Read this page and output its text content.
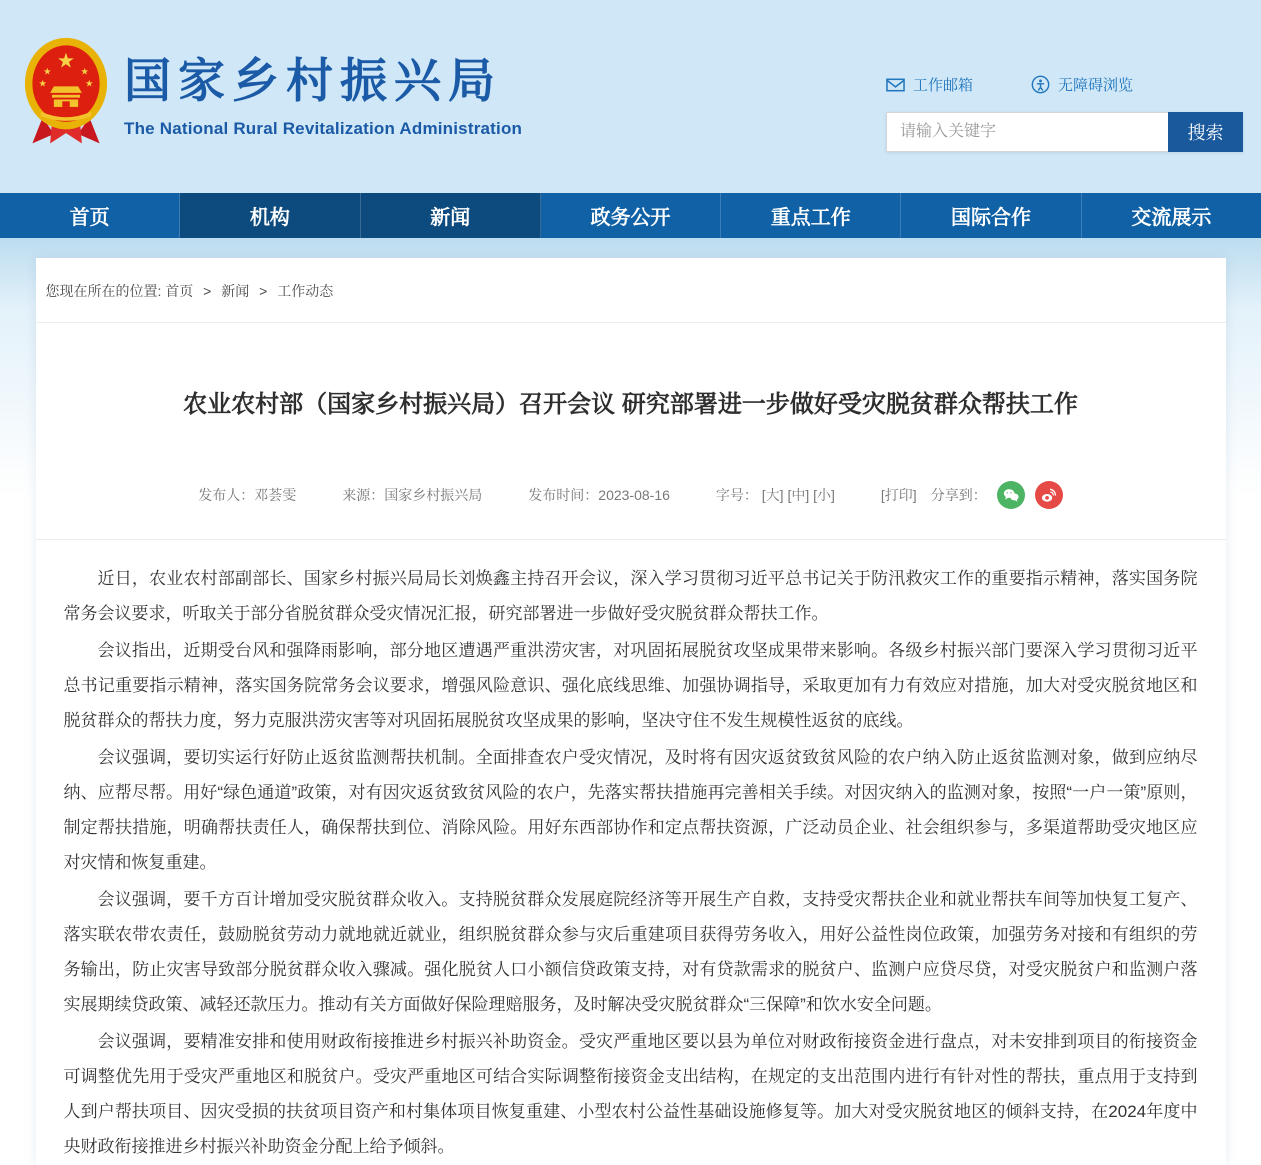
★
★	★
★	★ 国家乡村振兴局
The National Rural Revitalization Administration
工作邮箱	无障碍浏览
请输入关键字
搜索
首页	机构	新闻	政务公开	重点工作	国际合作	交流展示
您现在所在的位置: 首页 > 新闻 > 工作动态
农业农村部（国家乡村振兴局）召开会议 研究部署进一步做好受灾脱贫群众帮扶工作
发布人：邓荟雯	来源：国家乡村振兴局	发布时间：2023-08-16	字号： [大] [中] [小]	[打印] 分享到：

近日，农业农村部副部长、国家乡村振兴局局长刘焕鑫主持召开会议，深入学习贯彻习近平总书记关于防汛救灾工作的重要指示精神，落实国务院常务会议要求，听取关于部分省脱贫群众受灾情况汇报，研究部署进一步做好受灾脱贫群众帮扶工作。

会议指出，近期受台风和强降雨影响，部分地区遭遇严重洪涝灾害，对巩固拓展脱贫攻坚成果带来影响。各级乡村振兴部门要深入学习贯彻习近平总书记重要指示精神，落实国务院常务会议要求，增强风险意识、强化底线思维、加强协调指导，采取更加有力有效应对措施，加大对受灾脱贫地区和脱贫群众的帮扶力度，努力克服洪涝灾害等对巩固拓展脱贫攻坚成果的影响，坚决守住不发生规模性返贫的底线。

会议强调，要切实运行好防止返贫监测帮扶机制。全面排查农户受灾情况，及时将有因灾返贫致贫风险的农户纳入防止返贫监测对象，做到应纳尽纳、应帮尽帮。用好“绿色通道”政策，对有因灾返贫致贫风险的农户，先落实帮扶措施再完善相关手续。对因灾纳入的监测对象，按照“一户一策”原则，制定帮扶措施，明确帮扶责任人，确保帮扶到位、消除风险。用好东西部协作和定点帮扶资源，广泛动员企业、社会组织参与，多渠道帮助受灾地区应对灾情和恢复重建。

会议强调，要千方百计增加受灾脱贫群众收入。支持脱贫群众发展庭院经济等开展生产自救，支持受灾帮扶企业和就业帮扶车间等加快复工复产、落实联农带农责任，鼓励脱贫劳动力就地就近就业，组织脱贫群众参与灾后重建项目获得劳务收入，用好公益性岗位政策，加强劳务对接和有组织的劳务输出，防止灾害导致部分脱贫群众收入骤减。强化脱贫人口小额信贷政策支持，对有贷款需求的脱贫户、监测户应贷尽贷，对受灾脱贫户和监测户落实展期续贷政策、减轻还款压力。推动有关方面做好保险理赔服务，及时解决受灾脱贫群众“三保障”和饮水安全问题。

会议强调，要精准安排和使用财政衔接推进乡村振兴补助资金。受灾严重地区要以县为单位对财政衔接资金进行盘点，对未安排到项目的衔接资金可调整优先用于受灾严重地区和脱贫户。受灾严重地区可结合实际调整衔接资金支出结构，在规定的支出范围内进行有针对性的帮扶，重点用于支持到人到户帮扶项目、因灾受损的扶贫项目资产和村集体项目恢复重建、小型农村公益性基础设施修复等。加大对受灾脱贫地区的倾斜支持，在2024年度中央财政衔接推进乡村振兴补助资金分配上给予倾斜。
